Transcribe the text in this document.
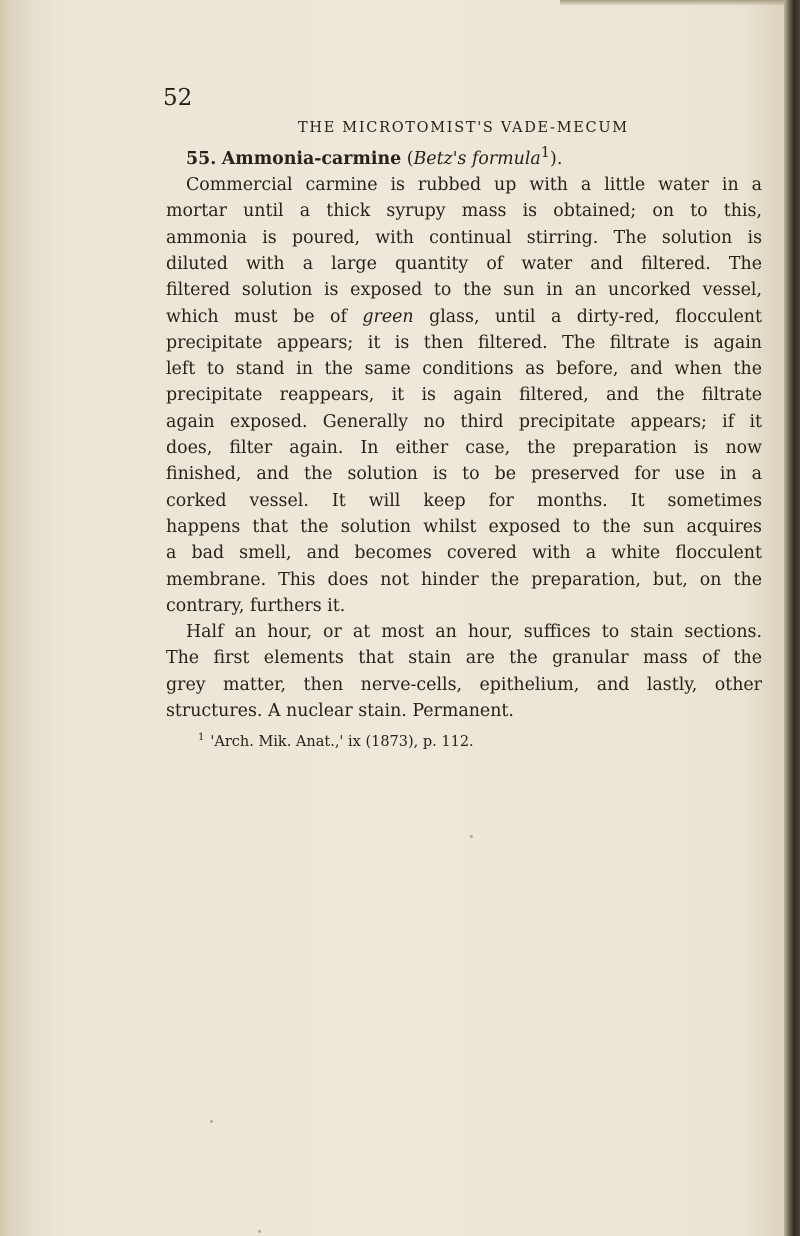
52
THE MICROTOMIST'S VADE-MECUM

55. Ammonia-carmine (Betz's formula$^1$).

Commercial carmine is rubbed up with a little water in a

mortar until a thick syrupy mass is obtained; on to this,

ammonia is poured, with continual stirring. The solution is

diluted with a large quantity of water and filtered. The

filtered solution is exposed to the sun in an uncorked vessel,

which must be of green glass, until a dirty-red, flocculent

precipitate appears; it is then filtered. The filtrate is again

left to stand in the same conditions as before, and when the

precipitate reappears, it is again filtered, and the filtrate

again exposed. Generally no third precipitate appears; if it

does, filter again. In either case, the preparation is now

finished, and the solution is to be preserved for use in a

corked vessel. It will keep for months. It sometimes

happens that the solution whilst exposed to the sun acquires

a bad smell, and becomes covered with a white flocculent

membrane. This does not hinder the preparation, but, on the

contrary, furthers it.

Half an hour, or at most an hour, suffices to stain sections.

The first elements that stain are the granular mass of the

grey matter, then nerve-cells, epithelium, and lastly, other

structures. A nuclear stain. Permanent.

$^1$ 'Arch. Mik. Anat.,' ix (1873), p. 112.
